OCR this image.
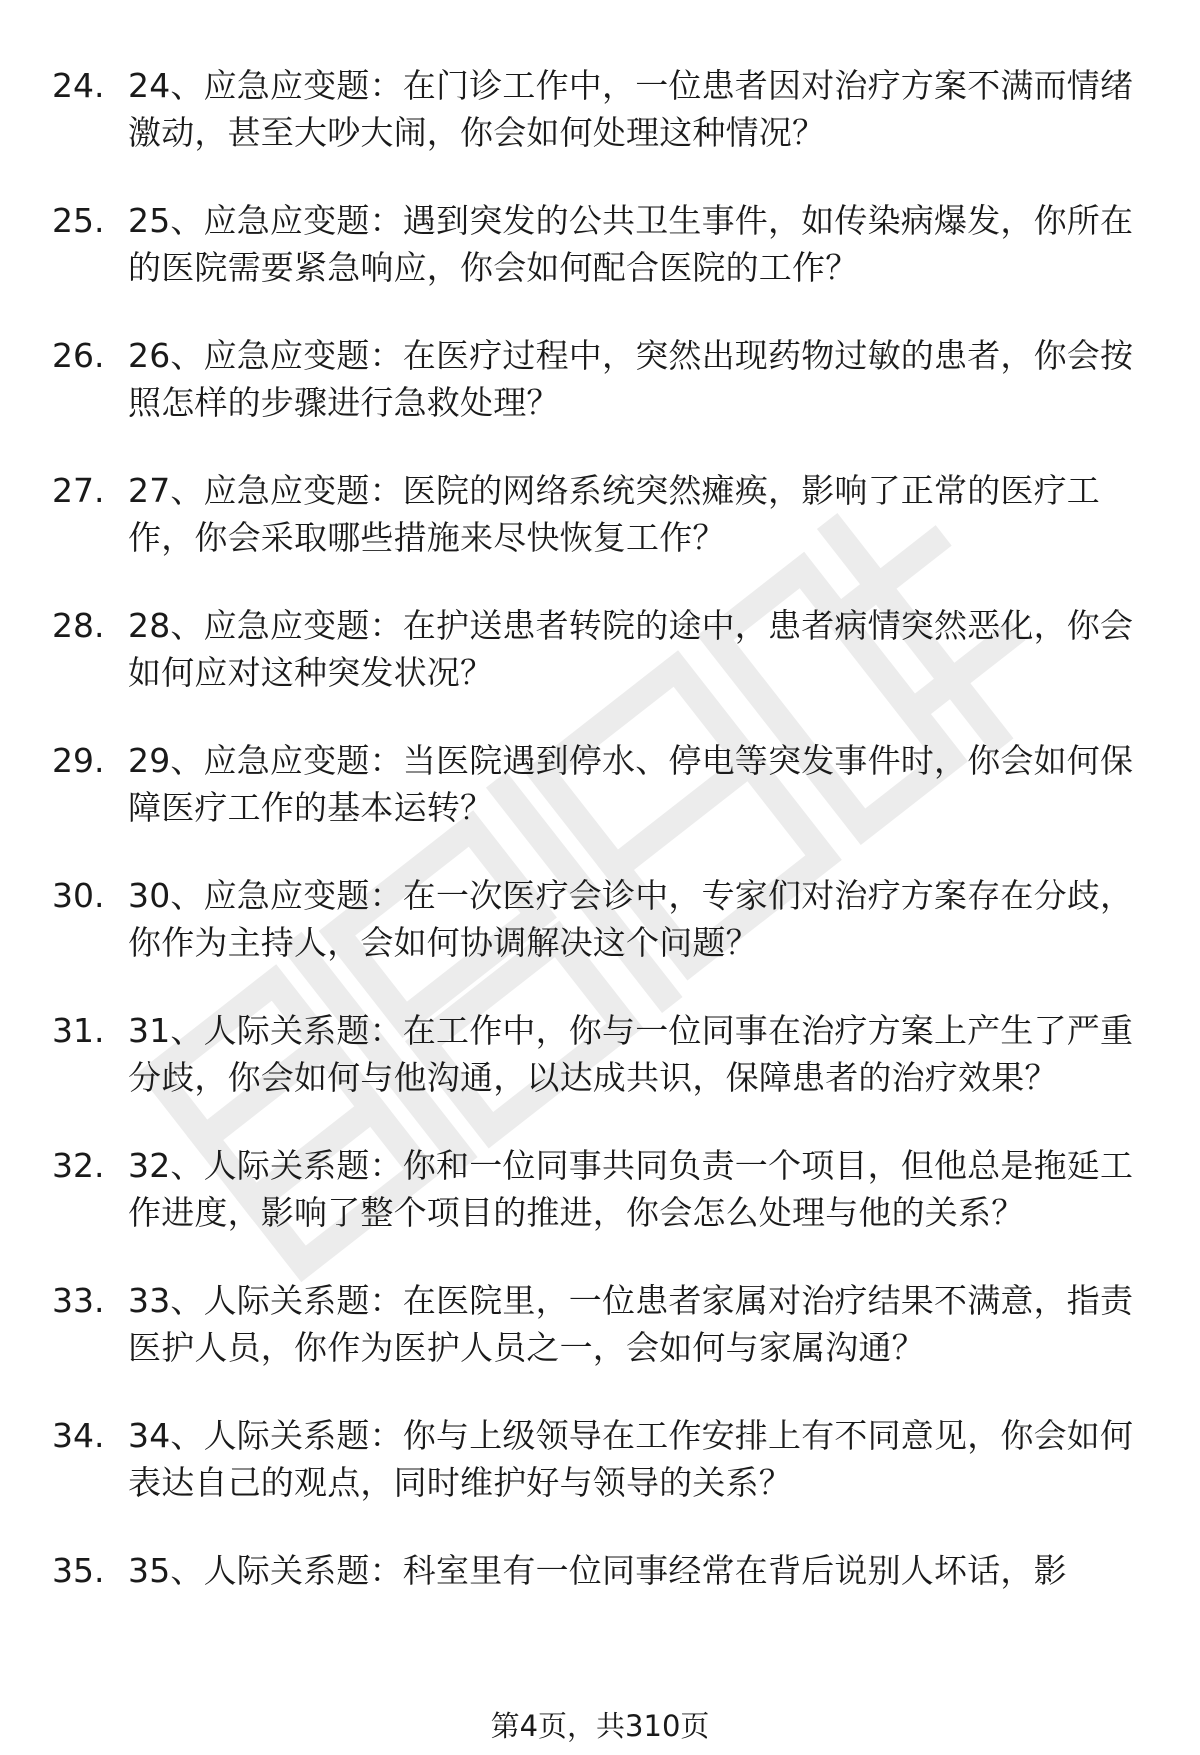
24. 24、应急应变题：在门诊工作中，一位患者因对治疗方案不满而情绪激动，甚至大吵大闹，你会如何处理这种情况？
25. 25、应急应变题：遇到突发的公共卫生事件，如传染病爆发，你所在的医院需要紧急响应，你会如何配合医院的工作？
26. 26、应急应变题：在医疗过程中，突然出现药物过敏的患者，你会按照怎样的步骤进行急救处理？
27. 27、应急应变题：医院的网络系统突然瘫痪，影响了正常的医疗工作，你会采取哪些措施来尽快恢复工作？
28. 28、应急应变题：在护送患者转院的途中，患者病情突然恶化，你会如何应对这种突发状况？
29. 29、应急应变题：当医院遇到停水、停电等突发事件时，你会如何保障医疗工作的基本运转？
30. 30、应急应变题：在一次医疗会诊中，专家们对治疗方案存在分歧，你作为主持人，会如何协调解决这个问题？
31. 31、人际关系题：在工作中，你与一位同事在治疗方案上产生了严重分歧，你会如何与他沟通，以达成共识，保障患者的治疗效果？
32. 32、人际关系题：你和一位同事共同负责一个项目，但他总是拖延工作进度，影响了整个项目的推进，你会怎么处理与他的关系？
33. 33、人际关系题：在医院里，一位患者家属对治疗结果不满意，指责医护人员，你作为医护人员之一，会如何与家属沟通？
34. 34、人际关系题：你与上级领导在工作安排上有不同意见，你会如何表达自己的观点，同时维护好与领导的关系？
35. 35、人际关系题：科室里有一位同事经常在背后说别人坏话，影
第4页，共310页
